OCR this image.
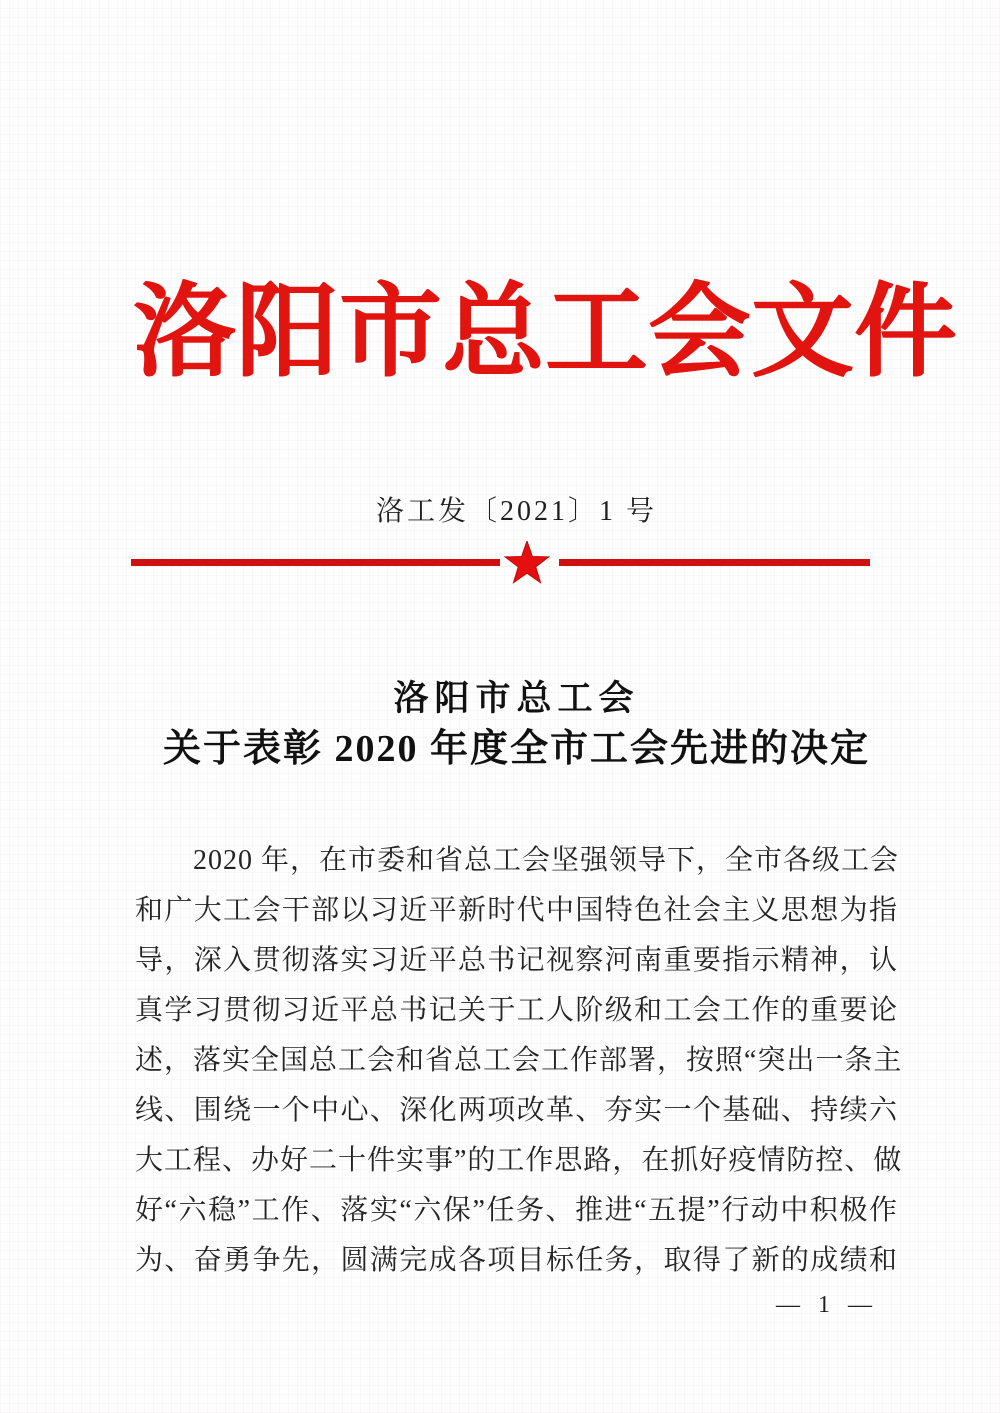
洛阳市总工会文件
洛工发〔2021〕1 号
洛阳市总工会
关于表彰 2020 年度全市工会先进的决定
2020 年，在市委和省总工会坚强领导下，全市各级工会
和广大工会干部以习近平新时代中国特色社会主义思想为指
导，深入贯彻落实习近平总书记视察河南重要指示精神，认
真学习贯彻习近平总书记关于工人阶级和工会工作的重要论
述，落实全国总工会和省总工会工作部署，按照“突出一条主
线、围绕一个中心、深化两项改革、夯实一个基础、持续六
大工程、办好二十件实事”的工作思路，在抓好疫情防控、做
好“六稳”工作、落实“六保”任务、推进“五提”行动中积极作
为、奋勇争先，圆满完成各项目标任务，取得了新的成绩和
— 1 —
